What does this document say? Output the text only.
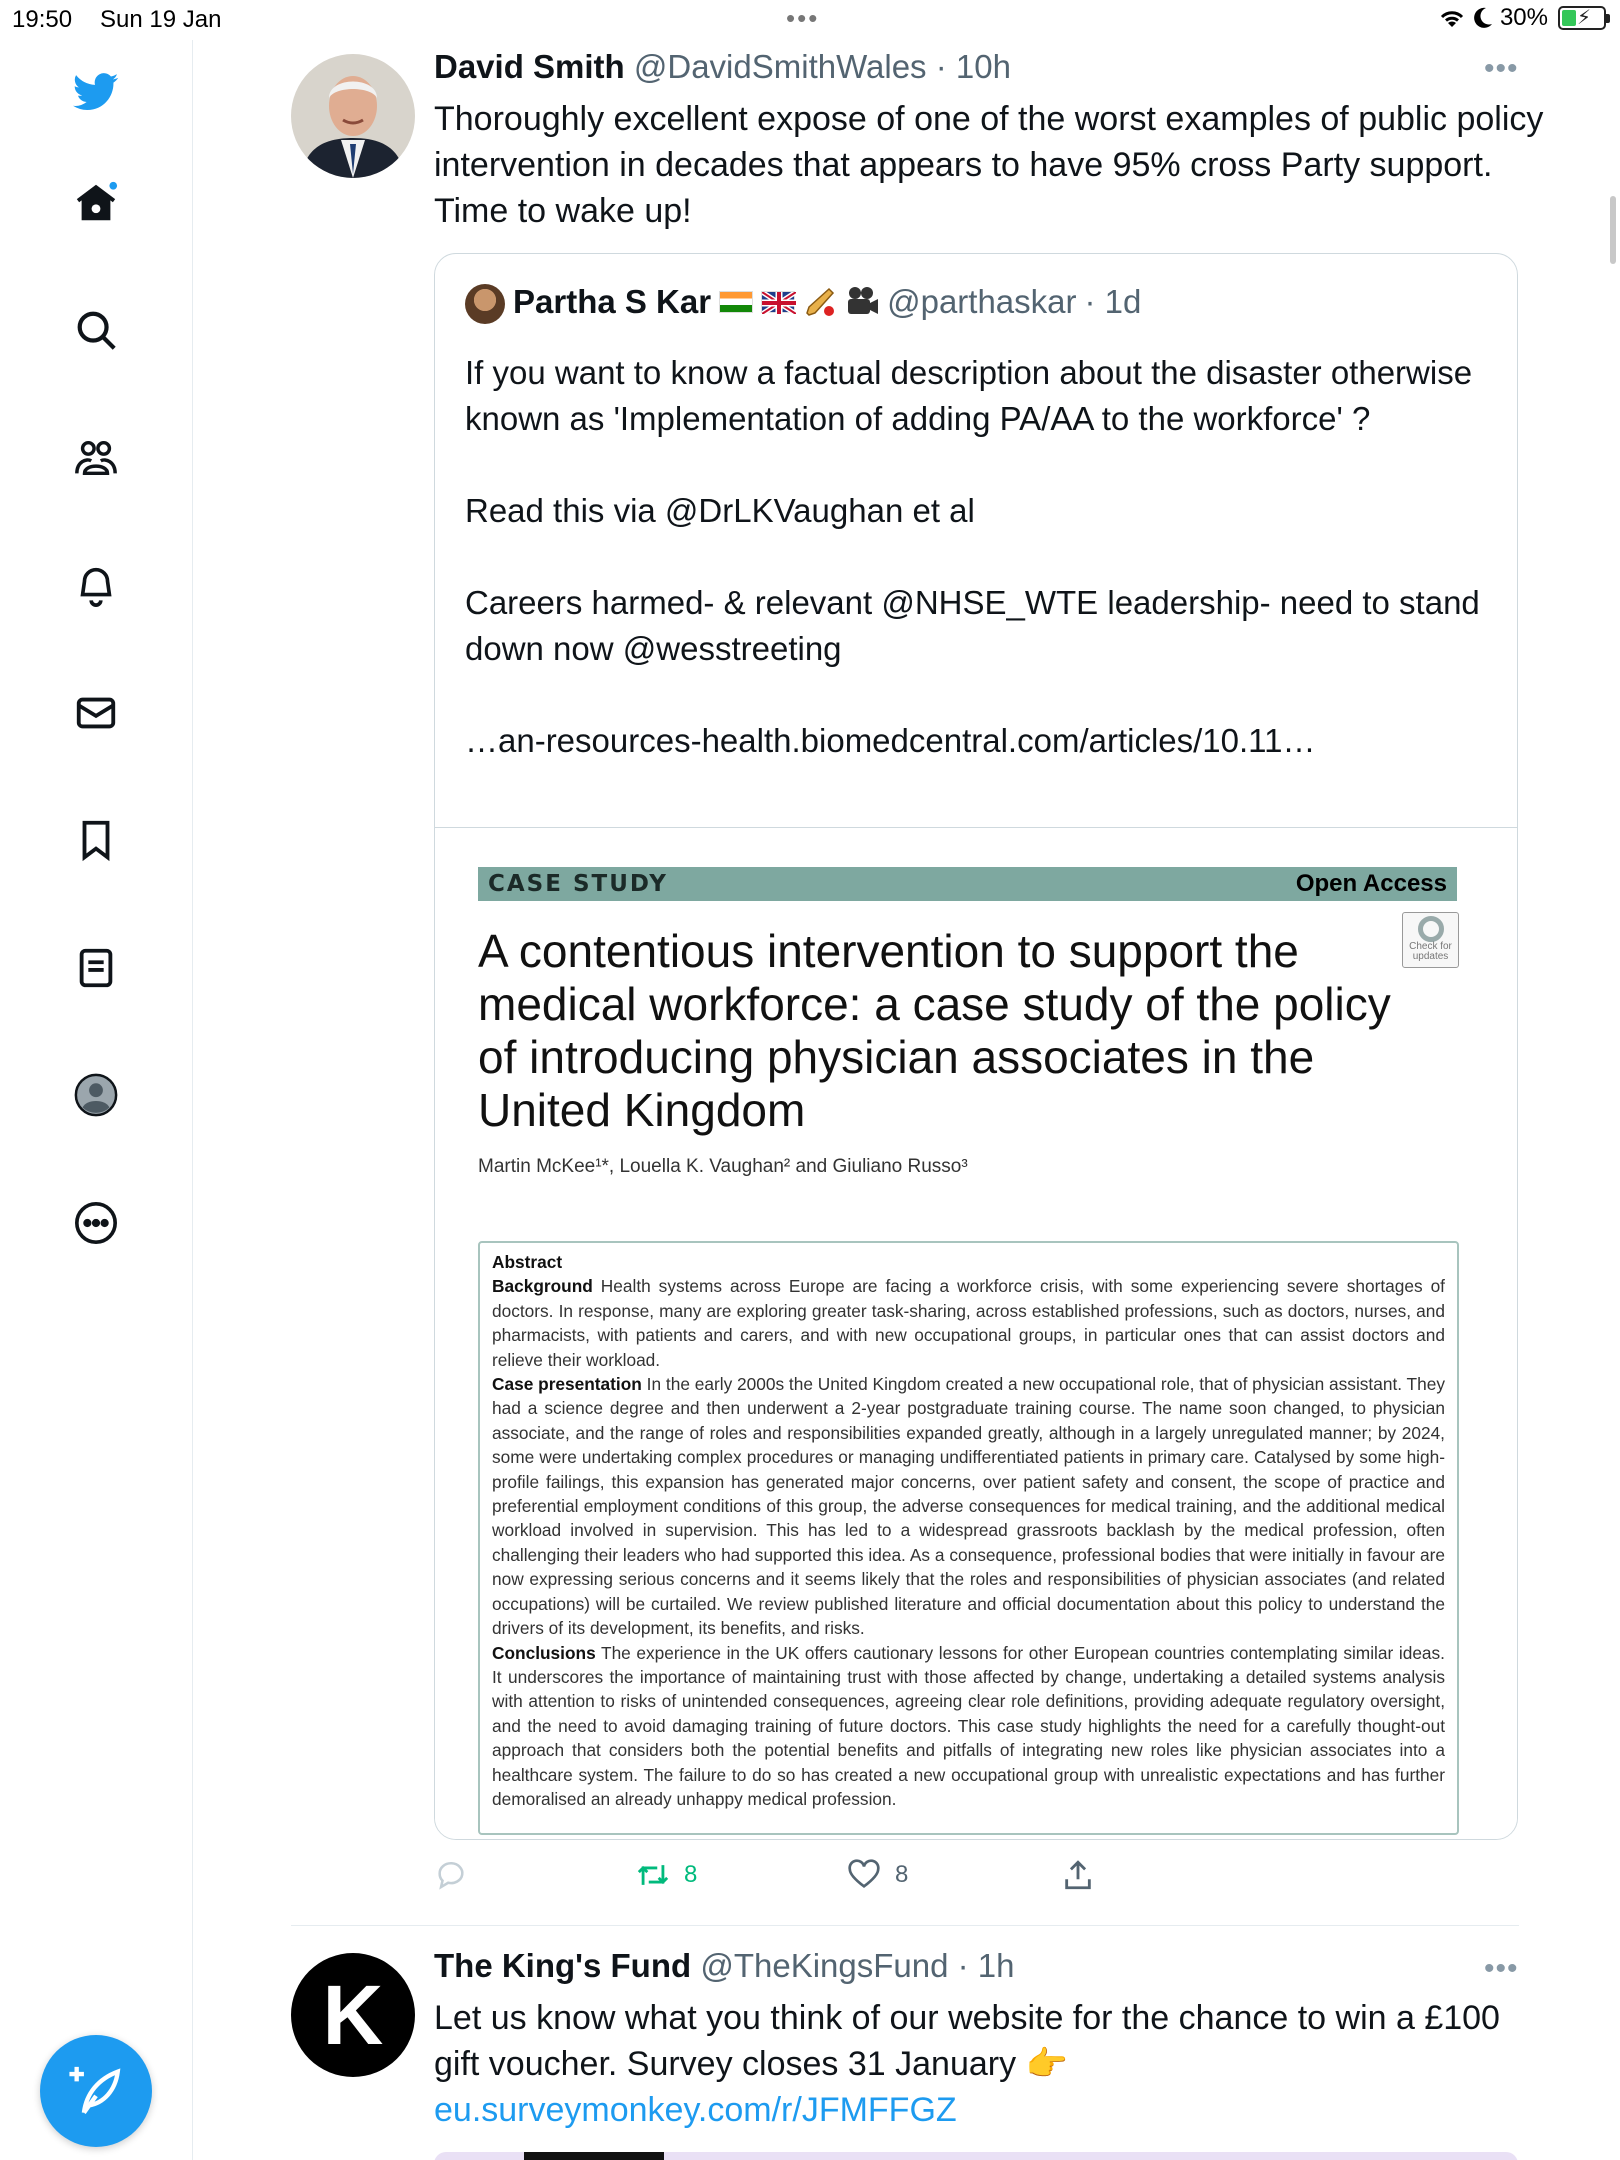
19:50 Sun 19 Jan	•••	30% ⚡
David Smith @DavidSmithWales · 10h	•••
Thoroughly excellent expose of one of the worst examples of public policy intervention in decades that appears to have 95% cross Party support. Time to wake up!
Partha S Kar	@parthaskar · 1d
If you want to know a factual description about the disaster otherwise known as 'Implementation of adding PA/AA to the workforce' ?

Read this via @DrLKVaughan et al

Careers harmed- & relevant @NHSE_WTE leadership- need to stand down now @wesstreeting

…an-resources-health.biomedcentral.com/articles/10.11…
CASE STUDY	Open Access
Check for updates
A contentious intervention to support the medical workforce: a case study of the policy of introducing physician associates in the United Kingdom
Martin McKee¹*, Louella K. Vaughan² and Giuliano Russo³

Abstract

Background Health systems across Europe are facing a workforce crisis, with some experiencing severe shortages of doctors. In response, many are exploring greater task-sharing, across established professions, such as doctors, nurses, and pharmacists, with patients and carers, and with new occupational groups, in particular ones that can assist doctors and relieve their workload.

Case presentation In the early 2000s the United Kingdom created a new occupational role, that of physician assistant. They had a science degree and then underwent a 2-year postgraduate training course. The name soon changed, to physician associate, and the range of roles and responsibilities expanded greatly, although in a largely unregulated manner; by 2024, some were undertaking complex procedures or managing undifferentiated patients in primary care. Catalysed by some high-profile failings, this expansion has generated major concerns, over patient safety and consent, the scope of practice and preferential employment conditions of this group, the adverse consequences for medical training, and the additional medical workload involved in supervision. This has led to a widespread grassroots backlash by the medical profession, often challenging their leaders who had supported this idea. As a consequence, professional bodies that were initially in favour are now expressing serious concerns and it seems likely that the roles and responsibilities of physician associates (and related occupations) will be curtailed. We review published literature and official documentation about this policy to understand the drivers of its development, its benefits, and risks.

Conclusions The experience in the UK offers cautionary lessons for other European countries contemplating similar ideas. It underscores the importance of maintaining trust with those affected by change, undertaking a detailed systems analysis with attention to risks of unintended consequences, agreeing clear role definitions, providing adequate regulatory oversight, and the need to avoid damaging training of future doctors. This case study highlights the need for a carefully thought-out approach that considers both the potential benefits and pitfalls of integrating new roles like physician associates into a healthcare system. The failure to do so has created a new occupational group with unrealistic expectations and has further demoralised an already unhappy medical profession.

8	8
K
The King's Fund @TheKingsFund · 1h	•••
Let us know what you think of our website for the chance to win a £100 gift voucher. Survey closes 31 January 👉 eu.surveymonkey.com/r/JFMFFGZ
